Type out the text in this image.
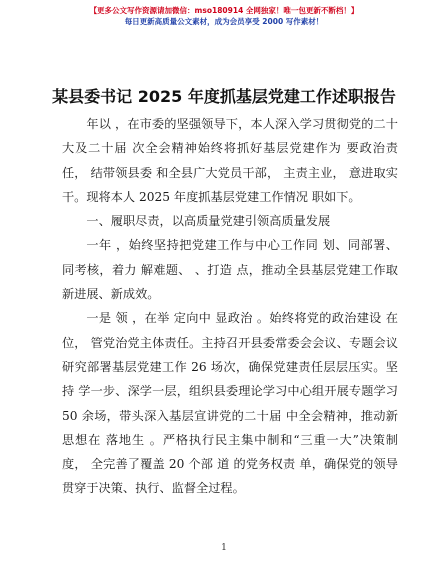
【更多公文写作资源请加微信：mso180914 全网独家！唯一包更新不断档！】
每日更新高质量公文素材，成为会员享受 2000 写作素材！
某县委书记 2025 年度抓基层党建工作述职报告

年以 ，在市委的坚强领导下，本人深入学习贯彻党的二十大及二十届 次全会精神始终将抓好基层党建作为 要政治责任， 结带领县委 和全县广大党员干部， 主责主业， 意进取实干。现将本人 2025 年度抓基层党建工作情况 职如下。

一、履职尽责，以高质量党建引领高质量发展

一年 ，始终坚持把党建工作与中心工作同 划、同部署、同考核，着力 解难题、 、打造 点，推动全县基层党建工作取 新进展、新成效。

一是 领 ，在举 定向中 显政治 。始终将党的政治建设 在 位， 管党治党主体责任。主持召开县委常委会会议、专题会议研究部署基层党建工作 26 场次，确保党建责任层层压实。坚持 学一步、深学一层，组织县委理论学习中心组开展专题学习 50 余场，带头深入基层宣讲党的二十届 中全会精神，推动新思想在 落地生 。严格执行民主集中制和“三重一大”决策制度， 全完善了覆盖 20 个部 道 的党务权责 单，确保党的领导贯穿于决策、执行、监督全过程。

1
